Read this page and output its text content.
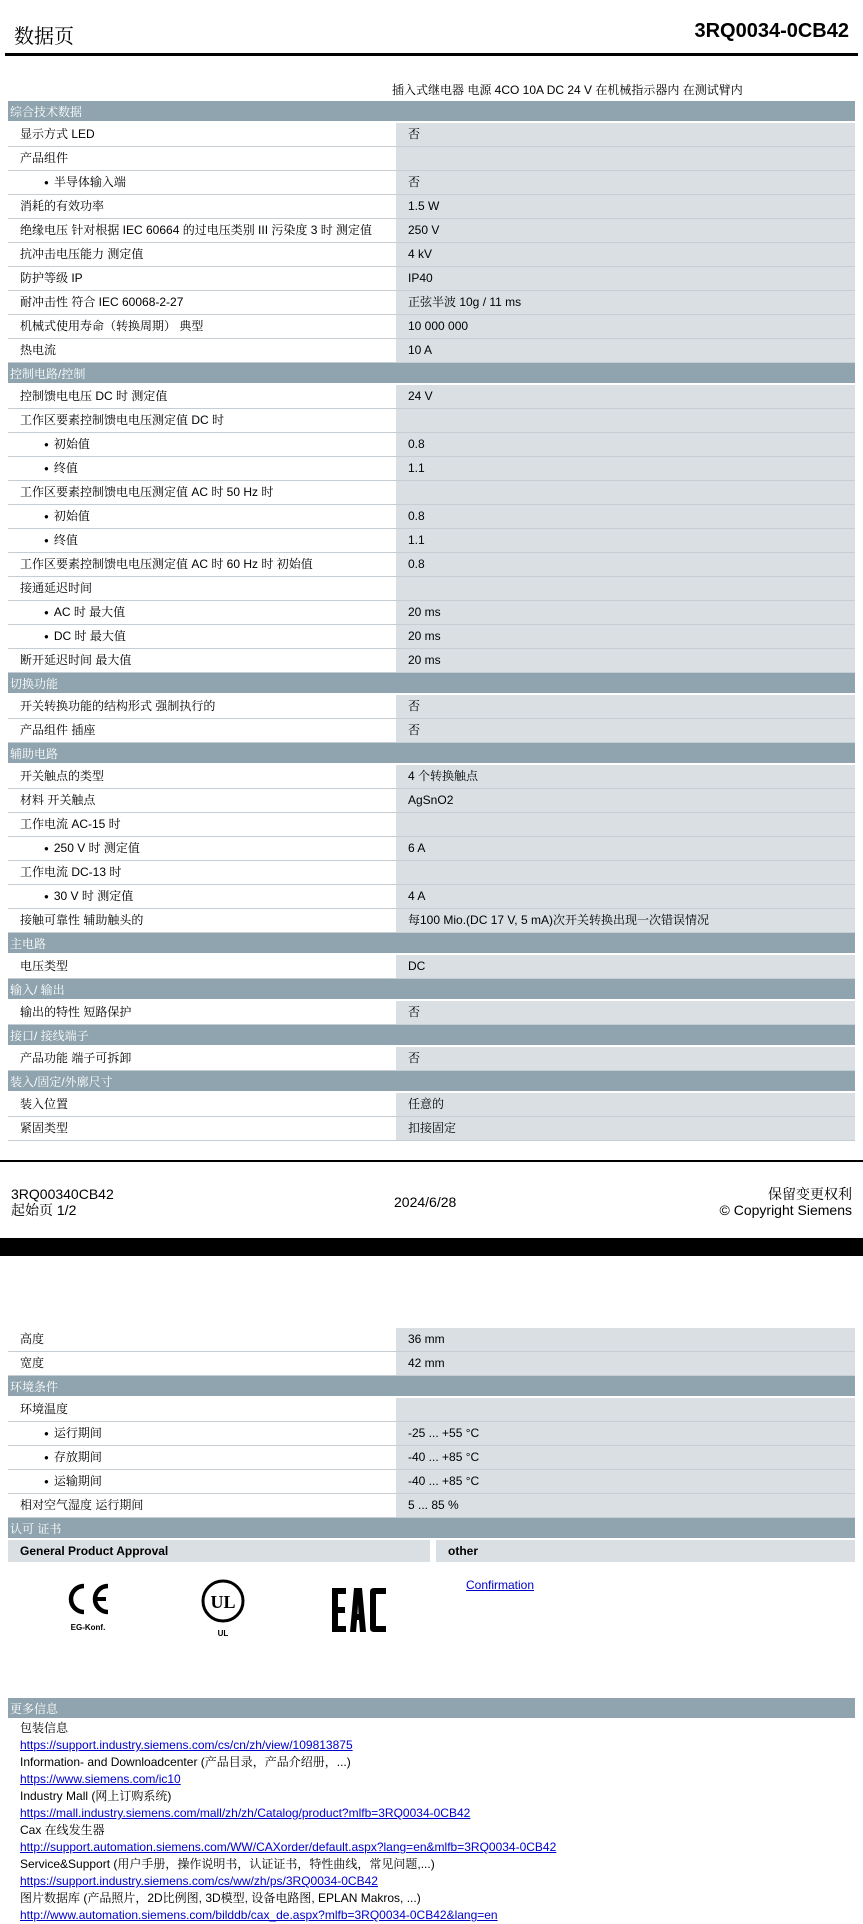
数据页	3RQ0034-0CB42
插入式继电器 电源 4CO 10A DC 24 V 在机械指示器内 在测试臂内
综合技术数据
显示方式 LED	否
产品组件
● 半导体输入端	否
消耗的有效功率	1.5 W
绝缘电压 针对根据 IEC 60664 的过电压类别 III 污染度 3 时 测定值	250 V
抗冲击电压能力 测定值	4 kV
防护等级 IP	IP40
耐冲击性 符合 IEC 60068-2-27	正弦半波 10g / 11 ms
机械式使用寿命（转换周期） 典型	10 000 000
热电流	10 A
控制电路/控制
控制馈电电压 DC 时 测定值	24 V
工作区要素控制馈电电压测定值 DC 时
● 初始值	0.8
● 终值	1.1
工作区要素控制馈电电压测定值 AC 时 50 Hz 时
● 初始值	0.8
● 终值	1.1
工作区要素控制馈电电压测定值 AC 时 60 Hz 时 初始值	0.8
接通延迟时间
● AC 时 最大值	20 ms
● DC 时 最大值	20 ms
断开延迟时间 最大值	20 ms
切换功能
开关转换功能的结构形式 强制执行的	否
产品组件 插座	否
辅助电路
开关触点的类型	4 个转换触点
材料 开关触点	AgSnO2
工作电流 AC-15 时
● 250 V 时 测定值	6 A
工作电流 DC-13 时
● 30 V 时 测定值	4 A
接触可靠性 辅助触头的	每100 Mio.(DC 17 V, 5 mA)次开关转换出现一次错误情况
主电路
电压类型	DC
输入/ 输出
输出的特性 短路保护	否
接口/ 接线端子
产品功能 端子可拆卸	否
装入/固定/外廓尺寸
装入位置	任意的
紧固类型	扣接固定
3RQ00340CB42
起始页 1/2	2024/6/28	保留变更权利
© Copyright Siemens
高度	36 mm
宽度	42 mm
环境条件
环境温度
● 运行期间	-25 ... +55 °C
● 存放期间	-40 ... +85 °C
● 运输期间	-40 ... +85 °C
相对空气湿度 运行期间	5 ... 85 %
认可 证书
General Product Approval	other
EG-Konf.
UL
UL
Confirmation
更多信息
包装信息
https://support.industry.siemens.com/cs/cn/zh/view/109813875
Information- and Downloadcenter (产品目录，产品介绍册，...)
https://www.siemens.com/ic10
Industry Mall (网上订购系统)
https://mall.industry.siemens.com/mall/zh/zh/Catalog/product?mlfb=3RQ0034-0CB42
Cax 在线发生器
http://support.automation.siemens.com/WW/CAXorder/default.aspx?lang=en&mlfb=3RQ0034-0CB42
Service&Support (用户手册，操作说明书，认证证书，特性曲线，常见问题,...)
https://support.industry.siemens.com/cs/ww/zh/ps/3RQ0034-0CB42
图片数据库 (产品照片，2D比例图, 3D模型, 设备电路图, EPLAN Makros, ...)
http://www.automation.siemens.com/bilddb/cax_de.aspx?mlfb=3RQ0034-0CB42&lang=en
